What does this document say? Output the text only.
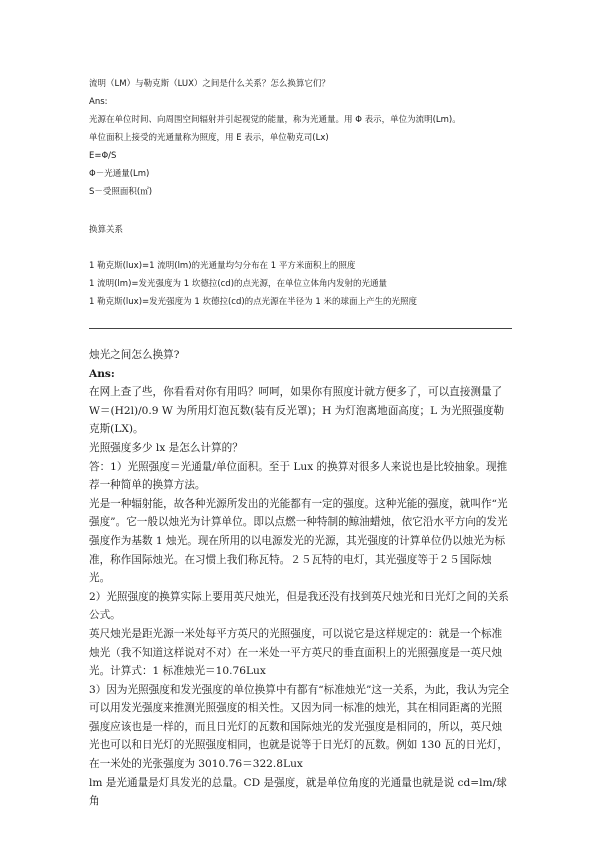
流明（LM）与勒克斯（LUX）之间是什么关系？怎么换算它们？
Ans:
光源在单位时间、向周围空间辐射并引起视觉的能量，称为光通量。用 Φ 表示，单位为流明(Lm)。
单位面积上接受的光通量称为照度，用 E 表示，单位勒克司(Lx)
E=Φ/S
Φ－光通量(Lm)
S－受照面积(㎡)
换算关系
1 勒克斯(lux)=1 流明(lm)的光通量均匀分布在 1 平方米面积上的照度
1 流明(lm)=发光强度为 1 坎德拉(cd)的点光源，在单位立体角内发射的光通量
1 勒克斯(lux)=发光强度为 1 坎德拉(cd)的点光源在半径为 1 米的球面上产生的光照度

烛光之间怎么换算?

Ans:

在网上查了些，你看看对你有用吗？呵呵，如果你有照度计就方便多了，可以直接测量了 W＝(H2l)/0.9 W 为所用灯泡瓦数(装有反光罩)；H 为灯泡离地面高度；L 为光照强度勒克斯(LX)。

光照强度多少 lx 是怎么计算的？

答：1）光照强度＝光通量/单位面积。至于 Lux 的换算对很多人来说也是比较抽象。现推荐一种简单的换算方法。

光是一种辐射能，故各种光源所发出的光能都有一定的强度。这种光能的强度，就叫作“光强度”。它一般以烛光为计算单位。即以点燃一种特制的鲸油蜡烛，依它沿水平方向的发光强度作为基数 1 烛光。现在所用的以电源发光的光源，其光强度的计算单位仍以烛光为标准，称作国际烛光。在习惯上我们称瓦特。２５瓦特的电灯，其光强度等于２５国际烛光。

2）光照强度的换算实际上要用英尺烛光，但是我还没有找到英尺烛光和日光灯之间的关系公式。

英尺烛光是距光源一米处每平方英尺的光照强度，可以说它是这样规定的：就是一个标准烛光（我不知道这样说对不对）在一米处一平方英尺的垂直面积上的光照强度是一英尺烛光。计算式：1 标准烛光＝10.76Lux

3）因为光照强度和发光强度的单位换算中有都有“标准烛光”这一关系，为此，我认为完全可以用发光强度来推测光照强度的相关性。又因为同一标准的烛光，其在相同距离的光照强度应该也是一样的，而且日光灯的瓦数和国际烛光的发光强度是相同的，所以，英尺烛光也可以和日光灯的光照强度相同，也就是说等于日光灯的瓦数。例如 130 瓦的日光灯，在一米处的光张强度为 3010.76＝322.8Lux

lm 是光通量是灯具发光的总量。CD 是强度，就是单位角度的光通量也就是说 cd=lm/球角
